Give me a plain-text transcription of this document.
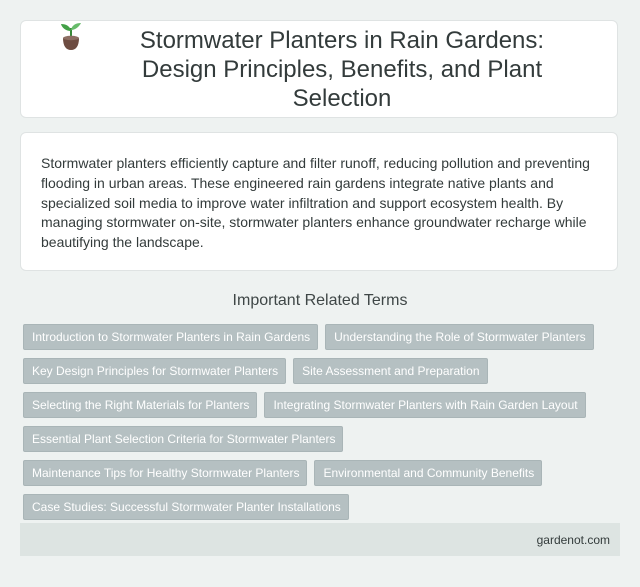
Stormwater Planters in Rain Gardens: Design Principles, Benefits, and Plant Selection

Stormwater planters efficiently capture and filter runoff, reducing pollution and preventing flooding in urban areas. These engineered rain gardens integrate native plants and specialized soil media to improve water infiltration and support ecosystem health. By managing stormwater on-site, stormwater planters enhance groundwater recharge while beautifying the landscape.

Important Related Terms
Introduction to Stormwater Planters in Rain Gardens	Understanding the Role of Stormwater Planters
Key Design Principles for Stormwater Planters	Site Assessment and Preparation
Selecting the Right Materials for Planters	Integrating Stormwater Planters with Rain Garden Layout
Essential Plant Selection Criteria for Stormwater Planters
Maintenance Tips for Healthy Stormwater Planters	Environmental and Community Benefits
Case Studies: Successful Stormwater Planter Installations
gardenot.com
